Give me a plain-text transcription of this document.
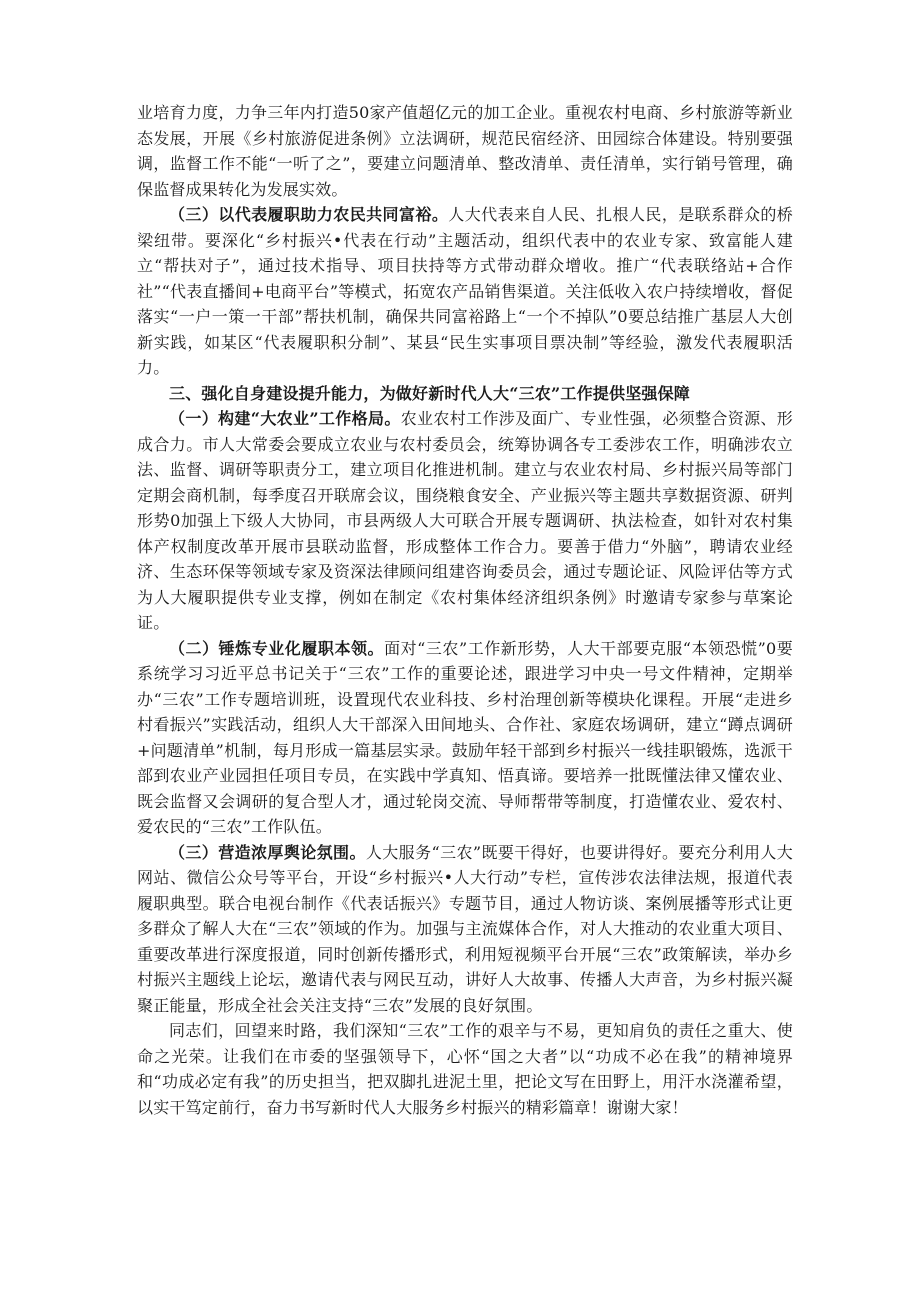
业培育力度，力争三年内打造50家产值超亿元的加工企业。重视农村电商、乡村旅游等新业态发展，开展《乡村旅游促进条例》立法调研，规范民宿经济、田园综合体建设。特别要强调，监督工作不能“一听了之”，要建立问题清单、整改清单、责任清单，实行销号管理，确保监督成果转化为发展实效。

（三）以代表履职助力农民共同富裕。人大代表来自人民、扎根人民，是联系群众的桥梁纽带。要深化“乡村振兴•代表在行动”主题活动，组织代表中的农业专家、致富能人建立“帮扶对子”，通过技术指导、项目扶持等方式带动群众增收。推广“代表联络站+合作社”“代表直播间+电商平台”等模式，拓宽农产品销售渠道。关注低收入农户持续增收，督促落实“一户一策一干部”帮扶机制，确保共同富裕路上“一个不掉队”0要总结推广基层人大创新实践，如某区“代表履职积分制”、某县“民生实事项目票决制”等经验，激发代表履职活力。

三、强化自身建设提升能力，为做好新时代人大“三农”工作提供坚强保障

（一）构建“大农业”工作格局。农业农村工作涉及面广、专业性强，必须整合资源、形成合力。市人大常委会要成立农业与农村委员会，统筹协调各专工委涉农工作，明确涉农立法、监督、调研等职责分工，建立项目化推进机制。建立与农业农村局、乡村振兴局等部门定期会商机制，每季度召开联席会议，围绕粮食安全、产业振兴等主题共享数据资源、研判形势0加强上下级人大协同，市县两级人大可联合开展专题调研、执法检查，如针对农村集体产权制度改革开展市县联动监督，形成整体工作合力。要善于借力“外脑”，聘请农业经济、生态环保等领域专家及资深法律顾问组建咨询委员会，通过专题论证、风险评估等方式为人大履职提供专业支撑，例如在制定《农村集体经济组织条例》时邀请专家参与草案论证。

（二）锤炼专业化履职本领。面对“三农”工作新形势，人大干部要克服“本领恐慌”0要系统学习习近平总书记关于“三农”工作的重要论述，跟进学习中央一号文件精神，定期举办“三农”工作专题培训班，设置现代农业科技、乡村治理创新等模块化课程。开展“走进乡村看振兴”实践活动，组织人大干部深入田间地头、合作社、家庭农场调研，建立“蹲点调研+问题清单”机制，每月形成一篇基层实录。鼓励年轻干部到乡村振兴一线挂职锻炼，选派干部到农业产业园担任项目专员，在实践中学真知、悟真谛。要培养一批既懂法律又懂农业、既会监督又会调研的复合型人才，通过轮岗交流、导师帮带等制度，打造懂农业、爱农村、爱农民的“三农”工作队伍。

（三）营造浓厚舆论氛围。人大服务“三农”既要干得好，也要讲得好。要充分利用人大网站、微信公众号等平台，开设“乡村振兴•人大行动”专栏，宣传涉农法律法规，报道代表履职典型。联合电视台制作《代表话振兴》专题节目，通过人物访谈、案例展播等形式让更多群众了解人大在“三农”领域的作为。加强与主流媒体合作，对人大推动的农业重大项目、重要改革进行深度报道，同时创新传播形式，利用短视频平台开展“三农”政策解读，举办乡村振兴主题线上论坛，邀请代表与网民互动，讲好人大故事、传播人大声音，为乡村振兴凝聚正能量，形成全社会关注支持“三农”发展的良好氛围。

同志们，回望来时路，我们深知“三农”工作的艰辛与不易，更知肩负的责任之重大、使命之光荣。让我们在市委的坚强领导下，心怀“国之大者”以“功成不必在我”的精神境界和“功成必定有我”的历史担当，把双脚扎进泥土里，把论文写在田野上，用汗水浇灌希望，以实干笃定前行，奋力书写新时代人大服务乡村振兴的精彩篇章！谢谢大家！
